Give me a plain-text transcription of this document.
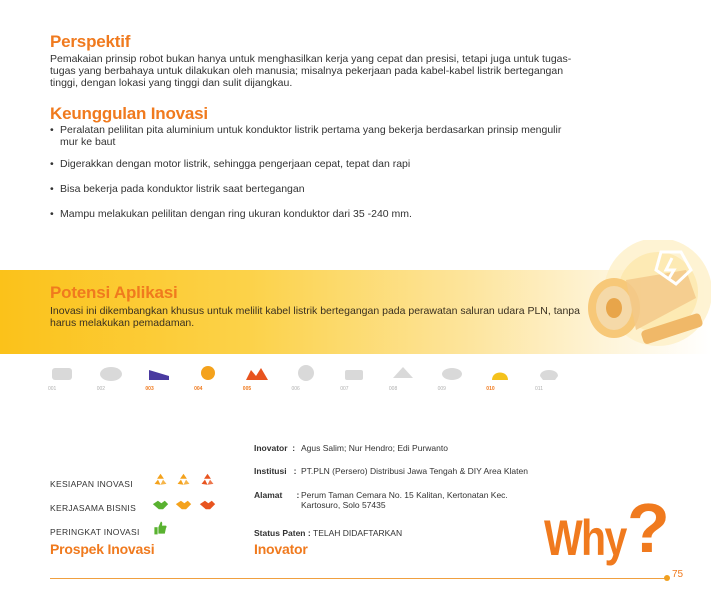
Perspektif

Pemakaian prinsip robot bukan hanya untuk menghasilkan kerja yang cepat dan presisi, tetapi juga untuk tugas-tugas yang berbahaya untuk dilakukan oleh manusia; misalnya pekerjaan pada kabel-kabel listrik bertegangan tinggi, dengan lokasi yang tinggi dan sulit dijangkau.

Keunggulan Inovasi
• Peralatan pelilitan pita aluminium untuk konduktor listrik pertama yang bekerja berdasarkan prinsip mengulir mur ke baut
• Digerakkan dengan motor listrik, sehingga pengerjaan cepat, tepat dan rapi
• Bisa bekerja pada konduktor listrik saat bertegangan
• Mampu melakukan pelilitan dengan ring ukuran konduktor dari 35 -240 mm.
Potensi Aplikasi

Inovasi ini dikembangkan khusus untuk melilit kabel listrik bertegangan pada perawatan saluran udara PLN, tanpa harus melakukan pemadaman.

001	002	003	004	005	006	007	008	009	010	011
KESIAPAN INOVASI
KERJASAMA BISNIS
PERINGKAT INOVASI

Prospek Inovasi
Inovator  : Agus Salim; Nur Hendro; Edi Purwanto
Institusi   : PT.PLN (Persero) Distribusi Jawa Tengah & DIY Area Klaten
Alamat      : Perum Taman Cemara No. 15 Kalitan, Kertonatan Kec. Kartosuro, Solo 57435
Status Paten : TELAH DIDAFTARKAN
Inovator	Why ?
75
